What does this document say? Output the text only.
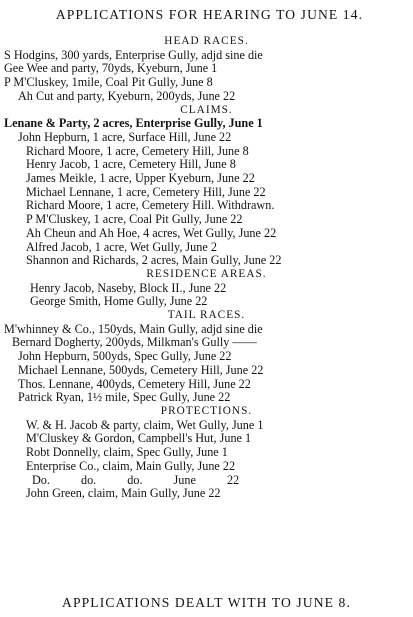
APPLICATIONS FOR HEARING TO JUNE 14.
HEAD RACES.
S Hodgins, 300 yards, Enterprise Gully, adjd sine die
Gee Wee and party, 70yds, Kyeburn, June 1
P M'Cluskey, 1mile, Coal Pit Gully, June 8
Ah Cut and party, Kyeburn, 200yds, June 22
CLAIMS.
Lenane & Party, 2 acres, Enterprise Gully, June 1
John Hepburn, 1 acre, Surface Hill, June 22
Richard Moore, 1 acre, Cemetery Hill, June 8
Henry Jacob, 1 acre, Cemetery Hill, June 8
James Meikle, 1 acre, Upper Kyeburn, June 22
Michael Lennane, 1 acre, Cemetery Hill, June 22
Richard Moore, 1 acre, Cemetery Hill. Withdrawn.
P M'Cluskey, 1 acre, Coal Pit Gully, June 22
Ah Cheun and Ah Hoe, 4 acres, Wet Gully, June 22
Alfred Jacob, 1 acre, Wet Gully, June 2
Shannon and Richards, 2 acres, Main Gully, June 22
RESIDENCE AREAS.
Henry Jacob, Naseby, Block II., June 22
George Smith, Home Gully, June 22
TAIL RACES.
M'whinney & Co., 150yds, Main Gully, adjd sine die
Bernard Dogherty, 200yds, Milkman's Gully ——
John Hepburn, 500yds, Spec Gully, June 22
Michael Lennane, 500yds, Cemetery Hill, June 22
Thos. Lennane, 400yds, Cemetery Hill, June 22
Patrick Ryan, 1½ mile, Spec Gully, June 22
PROTECTIONS.
W. & H. Jacob & party, claim, Wet Gully, June 1
M'Cluskey & Gordon, Campbell's Hut, June 1
Robt Donnelly, claim, Spec Gully, June 1
Enterprise Co., claim, Main Gully, June 22
Do. do. do. June 22
John Green, claim, Main Gully, June 22
APPLICATIONS DEALT WITH TO JUNE 8.
